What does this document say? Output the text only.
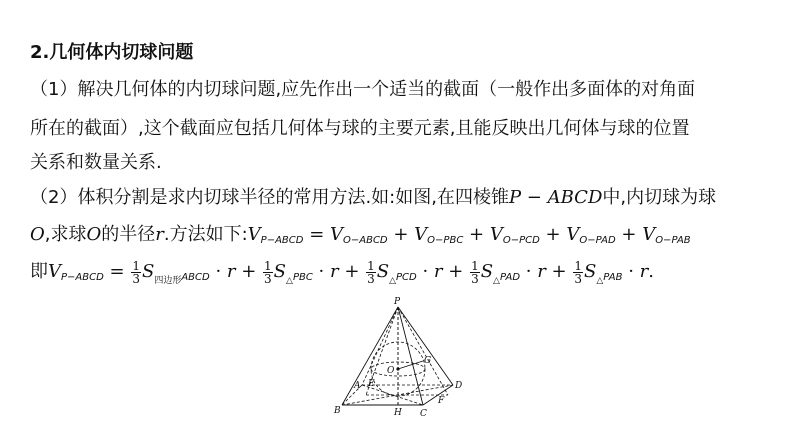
2.几何体内切球问题
（1）解决几何体的内切球问题,应先作出一个适当的截面（一般作出多面体的对角面
所在的截面）,这个截面应包括几何体与球的主要元素,且能反映出几何体与球的位置
关系和数量关系.
（2）体积分割是求内切球半径的常用方法.如:如图,在四棱锥P − ABCD中,内切球为球
O,求球O的半径r.方法如下$:V_{P-ABCD} = V_{O-ABCD} + V_{O-PBC} + V_{O-PCD} + V_{O-PAD} + V_{O-PAB}$
即$V_{P-ABCD} = \frac{1}{3} S_{四边形ABCD} \cdot r + \frac{1}{3} S_{\triangle PBC} \cdot r + \frac{1}{3} S_{\triangle PCD} \cdot r + \frac{1}{3} S_{\triangle PAD} \cdot r + \frac{1}{3} S_{\triangle PAB} \cdot r$.
P
A
B	C
D
E
F
G
H
O
